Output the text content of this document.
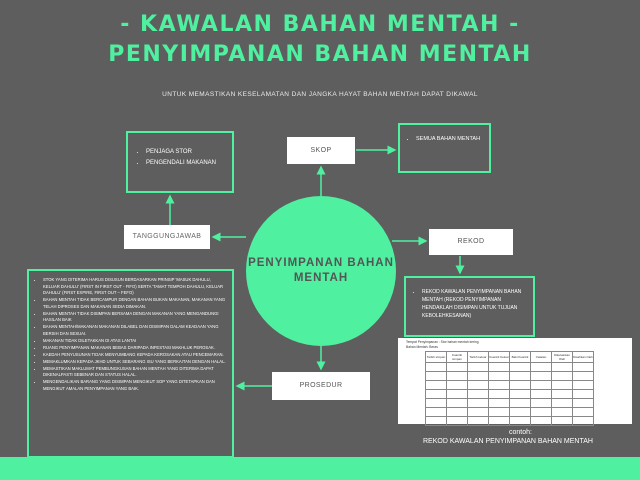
- KAWALAN BAHAN MENTAH -
PENYIMPANAN BAHAN MENTAH
UNTUK MEMASTIKAN KESELAMATAN DAN JANGKA HAYAT BAHAN MENTAH DAPAT DIKAWAL
• PENJAGA STOR
• PENGENDALI MAKANAN
• SEMUA BAHAN MENTAH
SKOP
TANGGUNGJAWAB
REKOD
PROSEDUR
PENYIMPANAN BAHAN MENTAH
• REKOD KAWALAN PENYIMPANAN BAHAN MENTAH (REKOD PENYIMPANAN HENDAKLAH DISIMPAN UNTUK TUJUAN KEBOLEHKESANAN)
• STOK YANG DITERIMA HARUS DISUSUN BERDASARKAN PRINSIP 'MASUK DAHULU, KELUAR DAHULU' (FIRST IN FIRST OUT - FIFO) SERTA 'TAMAT TEMPOH DAHULU, KELUAR DAHULU' (FIRST EXPIRE, FIRST OUT – FEFO)
• BAHAN MENTAH TIDAK BERCAMPUR DENGAN BAHAN BUKAN MAKANAN, MAKANAN YANG TELAH DIPROSES DAN MAKANAN SEDIA DIMAKAN.
• BAHAN MENTAH TIDAK DISIMPAN BERSAMA DENGAN MAKANAN YANG MENGANDUNGI HASILAN BAIK
• BAHAN MENTAH/MAKANAN MAKANAN DILABEL DAN DISIMPAN DALAM KEADAAN YANG BERSIH DAN SESUAI.
• MAKANAN TIDAK DILETAKKAN DI ATAS LANTAI
• RUANG PENYIMPANAN MAKANAN BEBAS DARIPADA INFESTASI MAKHLUK PEROSAK.
• KAEDAH PENYUSUNAN TIDAK MENYUMBANG KEPADA KEROSAKAN ATAU PENCEMARAN.
• MEMAKLUMKAN KEPADA JKHD UNTUK SEBARANG ISU YANG BERKAITAN DENGAN HALAL.
• MEMASTIKAN MAKLUMAT PEMBUNGKUSAN BAHAN MENTAH YANG DITERIMA DAPAT DIKENALPASTI SEBENAR DAN STATUS HALAL.
• MENGENDALIKAN BARANG YANG DISIMPAN MENGIKUT SOP YANG DITETAPKAN DAN MENGIKUT AMALAN PENYIMPANAN YANG BAIK.
Tempat Penyimpanan : Stor bahan mentah kering
Bahan Mentah: Beras
Tarikh simpan	Kuantiti simpan	Tarikh keluar	Kuantiti Keluar	Baki Kuantiti	Catatan	Dikeluarkan Oleh	Disahkan Oleh

contoh:
REKOD KAWALAN PENYIMPANAN BAHAN MENTAH
